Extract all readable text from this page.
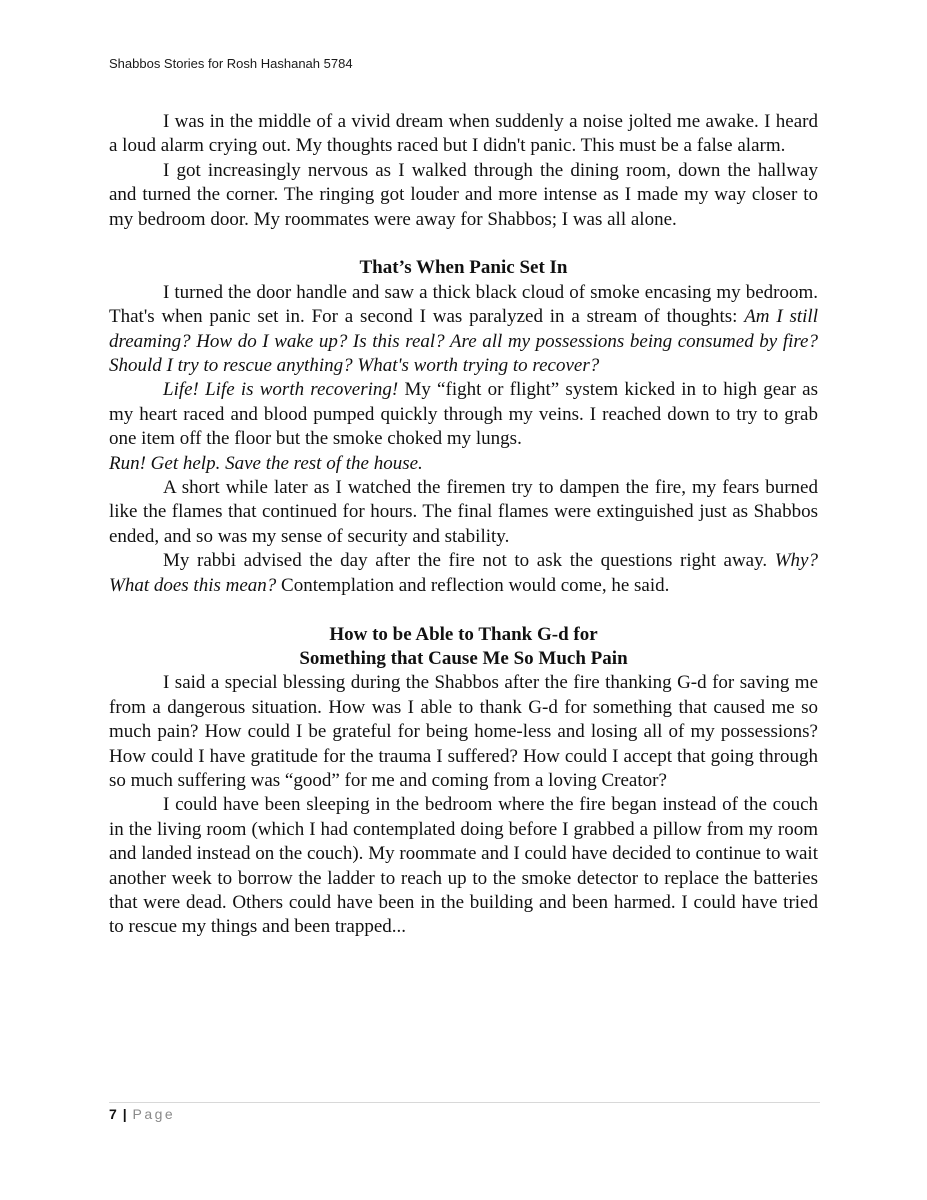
Shabbos Stories for Rosh Hashanah 5784

I was in the middle of a vivid dream when suddenly a noise jolted me awake. I heard a loud alarm crying out. My thoughts raced but I didn't panic. This must be a false alarm.

I got increasingly nervous as I walked through the dining room, down the hallway and turned the corner. The ringing got louder and more intense as I made my way closer to my bedroom door. My roommates were away for Shabbos; I was all alone.

That’s When Panic Set In

I turned the door handle and saw a thick black cloud of smoke encasing my bedroom. That's when panic set in. For a second I was paralyzed in a stream of thoughts: Am I still dreaming? How do I wake up? Is this real? Are all my possessions being consumed by fire? Should I try to rescue anything? What's worth trying to recover?

Life! Life is worth recovering! My “fight or flight” system kicked in to high gear as my heart raced and blood pumped quickly through my veins. I reached down to try to grab one item off the floor but the smoke choked my lungs.

Run! Get help. Save the rest of the house.

A short while later as I watched the firemen try to dampen the fire, my fears burned like the flames that continued for hours. The final flames were extinguished just as Shabbos ended, and so was my sense of security and stability.

My rabbi advised the day after the fire not to ask the questions right away. Why? What does this mean? Contemplation and reflection would come, he said.

How to be Able to Thank G-d for

Something that Cause Me So Much Pain

I said a special blessing during the Shabbos after the fire thanking G-d for saving me from a dangerous situation. How was I able to thank G-d for something that caused me so much pain? How could I be grateful for being home-less and losing all of my possessions? How could I have gratitude for the trauma I suffered? How could I accept that going through so much suffering was “good” for me and coming from a loving Creator?

I could have been sleeping in the bedroom where the fire began instead of the couch in the living room (which I had contemplated doing before I grabbed a pillow from my room and landed instead on the couch). My roommate and I could have decided to continue to wait another week to borrow the ladder to reach up to the smoke detector to replace the batteries that were dead. Others could have been in the building and been harmed. I could have tried to rescue my things and been trapped...

7 | Page
